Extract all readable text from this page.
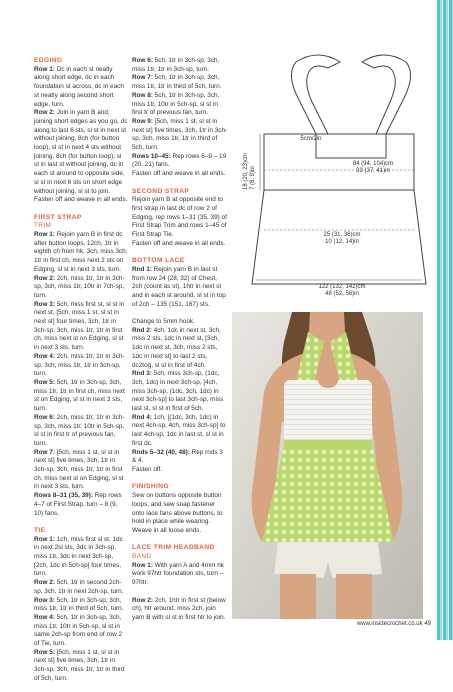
EDGING

Row 1: Dc in each st neatly along short edge, dc in each foundation st across, dc in each st neatly along second short edge, turn.

Row 2: Join in yarn B and, joining short edges as you go, dc along to last 6 sts, sl st in next st without joining, 8ch (for button loop), sl st in next 4 sts without joining, 8ch (for button loop), sl st in last st without joining, dc in each st around to opposite side, sl st in next 6 sts on short edge without joining, sl st to join.

Fasten off and weave in all ends.

FIRST STRAP
TRIM

Row 1: Rejoin yarn B in first dc after button loops, 12ch, 1tr in eighth ch from hk, 3ch, miss 3ch, 1tr in first ch, miss next 2 sts on Edging, sl st in next 3 sts, turn.

Row 2: 2ch, miss 1tr, 1tr in 3ch-sp, 3ch, miss 1tr, 10tr in 7ch-sp, turn.

Row 3: 5ch, miss first st, sl st in next st, [5ch, miss 1 st, sl st in next st] four times, 3ch, 1tr in 3ch-sp, 3ch, miss 1tr, 1tr in first ch, miss next st on Edging, sl st in next 3 sts, turn.

Row 4: 2ch, miss 1tr, 1tr in 3ch-sp, 3ch, miss 1tr, 1tr in 3ch-sp, turn.

Row 5: 5ch, 1tr in 3ch-sp, 3ch, miss 1tr, 1tr in first ch, miss next st on Edging, sl st in next 3 sts, turn.

Row 6: 2ch, miss 1tr, 1tr in 3ch-sp, 3ch, miss 1tr, 10tr in 5ch-sp, sl st in first tr of previous fan, turn.

Row 7: [5ch, miss 1 st, sl st in next st] five times, 3ch, 1tr in 3ch-sp, 3ch, miss 1tr, 1tr in first ch, miss next st on Edging, sl st in next 3 sts, turn.

Rows 8–31 (35, 39): Rep rows 4–7 of First Strap, turn – 8 (9, 10) fans.

TIE

Row 1: 1ch, miss first sl st, 1dc in next 2sl sts, 3dc in 3ch-sp, miss 1tr, 3dc in next 3ch-sp, [2ch, 1dc in 5ch-sp] four times, turn.

Row 2: 5ch, 1tr in second 2ch-sp, 3ch, 1tr in next 2ch-sp, turn.

Row 3: 5ch, 1tr in 3ch-sp, 3ch, miss 1tr, 1tr in third of 5ch, turn.

Row 4: 5ch, 1tr in 3ch-sp, 3ch, miss 1tr, 10tr in 5ch-sp, sl st in same 2ch-sp from end of row 2 of Tie, turn.

Row 5: [5ch, miss 1 st, sl st in next st] five times, 3ch, 1tr in 3ch-sp, 3ch, miss 1tr, 1tr in third of 5ch, turn.

Row 6: 5ch, 1tr in 3ch-sp, 3ch, miss 1tr, 1tr in 3ch-sp, turn.

Row 7: 5ch, 1tr in 3ch-sp, 3ch, miss 1tr, 1tr in third of 5ch, turn.

Row 8: 5ch, 1tr in 3ch-sp, 3ch, miss 1tr, 10tr in 5ch-sp, sl st in first tr of previous fan, turn.

Row 9: [5ch, miss 1 st, sl st in next st] five times, 3ch, 1tr in 3ch-sp, 3ch, miss 1tr, 1tr in third of 5ch, turn.

Rows 10–45: Rep rows 6–9 – 19 (20, 21) fans.

Fasten off and weave in all ends.

SECOND STRAP

Rejoin yarn B at opposite end to first strap in last dc of row 2 of Edging, rep rows 1–31 (35, 39) of First Strap Trim and rows 1–45 of First Strap Tie.

Fasten off and weave in all ends.

BOTTOM LACE

Rnd 1: Rejoin yarn B in last st from row 24 (28, 32) of Chest, 2ch (count as st), 1htr in next st and in each st around, sl st in top of 2ch – 135 (151, 167) sts.

Change to 5mm hook.

Rnd 2: 4ch, 1dc in next st, 3ch, miss 2 sts, 1dc in next st, [3ch, 1dc in next st, 3ch, miss 2 sts, 1dc in next st] to last 2 sts, dc2tog, sl st in first of 4ch.

Rnd 3: 5ch, miss 3ch-sp, (1dc, 3ch, 1dc) in next 3ch-sp, [4ch, miss 3ch-sp, (1dc, 3ch, 1dc) in next 3ch-sp] to last 3ch-sp, miss last st, sl st in first of 5ch.

Rnd 4: 1ch, [(1dc, 3ch, 1dc) in next 4ch-sp, 4ch, miss 3ch-sp] to last 4ch-sp, 1dc in last st, sl st in first dc.

Rnds 5–32 (40, 48): Rep rnds 3 & 4.

Fasten off.

FINISHING

Sew on buttons opposite button loops, and sew snap fastener onto lace fans above buttons, to hold in place while wearing.

Weave in all loose ends.

LACE TRIM HEADBAND
BAND

Row 1: With yarn A and 4mm hk work 97htr foundation sts, turn – 97htr.

Row 2: 2ch, 1htr in first st (below ch), htr around, miss 2ch, join yarn B with sl st in first htr to join.

5cm/2in
84 (94, 104)cm
33 (37, 41)in
18 (20, 23)cm
7 (8, 9)in
25 (31, 36)cm
10 (12, 14)in
122 (132, 142)cm
48 (52, 56)in
www.insidecrochet.co.uk 49
